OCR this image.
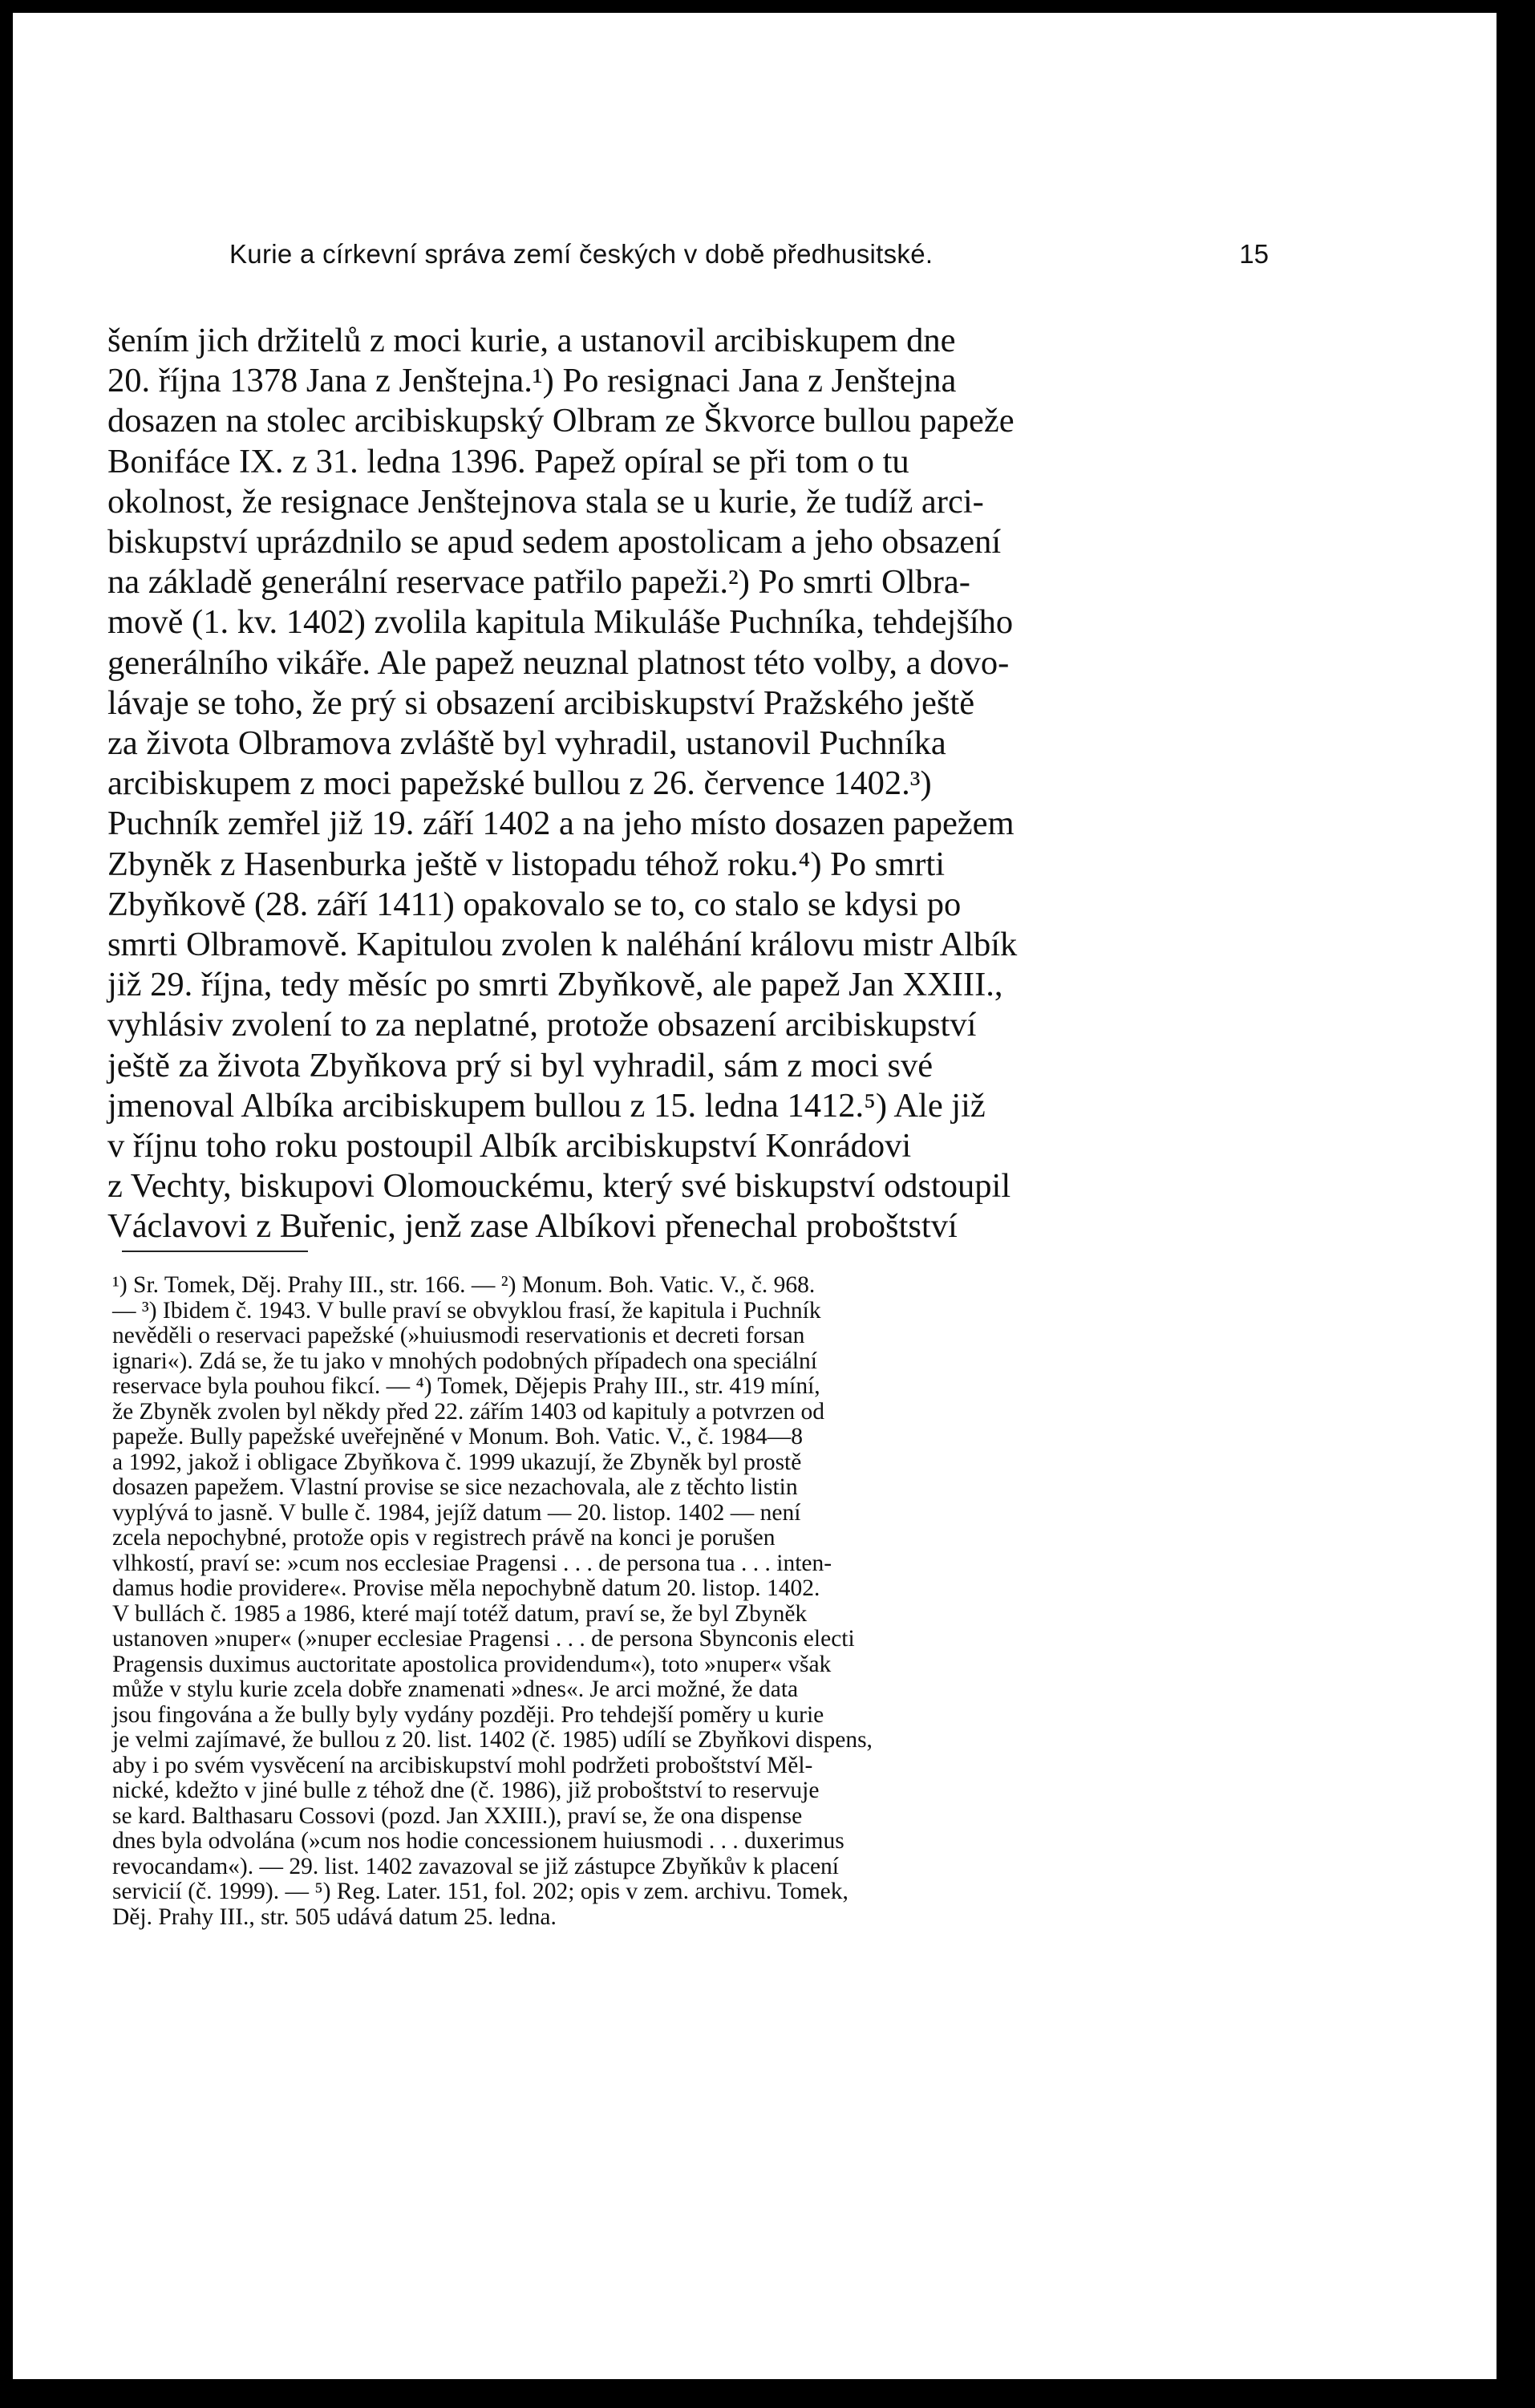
Kurie a církevní správa zemí českých v době předhusitské.	15
šením jich držitelů z moci kurie, a ustanovil arcibiskupem dne
20. října 1378 Jana z Jenštejna.¹) Po resignaci Jana z Jenštejna
dosazen na stolec arcibiskupský Olbram ze Škvorce bullou papeže
Bonifáce IX. z 31. ledna 1396. Papež opíral se při tom o tu
okolnost, že resignace Jenštejnova stala se u kurie, že tudíž arci-
biskupství uprázdnilo se apud sedem apostolicam a jeho obsazení
na základě generální reservace patřilo papeži.²) Po smrti Olbra-
mově (1. kv. 1402) zvolila kapitula Mikuláše Puchníka, tehdejšího
generálního vikáře. Ale papež neuznal platnost této volby, a dovo-
lávaje se toho, že prý si obsazení arcibiskupství Pražského ještě
za života Olbramova zvláště byl vyhradil, ustanovil Puchníka
arcibiskupem z moci papežské bullou z 26. července 1402.³)
Puchník zemřel již 19. září 1402 a na jeho místo dosazen papežem
Zbyněk z Hasenburka ještě v listopadu téhož roku.⁴) Po smrti
Zbyňkově (28. září 1411) opakovalo se to, co stalo se kdysi po
smrti Olbramově. Kapitulou zvolen k naléhání královu mistr Albík
již 29. října, tedy měsíc po smrti Zbyňkově, ale papež Jan XXIII.,
vyhlásiv zvolení to za neplatné, protože obsazení arcibiskupství
ještě za života Zbyňkova prý si byl vyhradil, sám z moci své
jmenoval Albíka arcibiskupem bullou z 15. ledna 1412.⁵) Ale již
v říjnu toho roku postoupil Albík arcibiskupství Konrádovi
z Vechty, biskupovi Olomouckému, který své biskupství odstoupil
Václavovi z Buřenic, jenž zase Albíkovi přenechal proboštství
¹) Sr. Tomek, Děj. Prahy III., str. 166. — ²) Monum. Boh. Vatic. V., č. 968.
— ³) Ibidem č. 1943. V bulle praví se obvyklou frasí, že kapitula i Puchník
nevěděli o reservaci papežské (»huiusmodi reservationis et decreti forsan
ignari«). Zdá se, že tu jako v mnohých podobných případech ona speciální
reservace byla pouhou fikcí. — ⁴) Tomek, Dějepis Prahy III., str. 419 míní,
že Zbyněk zvolen byl někdy před 22. zářím 1403 od kapituly a potvrzen od
papeže. Bully papežské uveřejněné v Monum. Boh. Vatic. V., č. 1984—8
a 1992, jakož i obligace Zbyňkova č. 1999 ukazují, že Zbyněk byl prostě
dosazen papežem. Vlastní provise se sice nezachovala, ale z těchto listin
vyplývá to jasně. V bulle č. 1984, jejíž datum — 20. listop. 1402 — není
zcela nepochybné, protože opis v registrech právě na konci je porušen
vlhkostí, praví se: »cum nos ecclesiae Pragensi . . . de persona tua . . . inten-
damus hodie providere«. Provise měla nepochybně datum 20. listop. 1402.
V bullách č. 1985 a 1986, které mají totéž datum, praví se, že byl Zbyněk
ustanoven »nuper« (»nuper ecclesiae Pragensi . . . de persona Sbynconis electi
Pragensis duximus auctoritate apostolica providendum«), toto »nuper« však
může v stylu kurie zcela dobře znamenati »dnes«. Je arci možné, že data
jsou fingována a že bully byly vydány později. Pro tehdejší poměry u kurie
je velmi zajímavé, že bullou z 20. list. 1402 (č. 1985) udílí se Zbyňkovi dispens,
aby i po svém vysvěcení na arcibiskupství mohl podržeti proboštství Měl-
nické, kdežto v jiné bulle z téhož dne (č. 1986), již proboštství to reservuje
se kard. Balthasaru Cossovi (pozd. Jan XXIII.), praví se, že ona dispense
dnes byla odvolána (»cum nos hodie concessionem huiusmodi . . . duxerimus
revocandam«). — 29. list. 1402 zavazoval se již zástupce Zbyňkův k placení
servicií (č. 1999). — ⁵) Reg. Later. 151, fol. 202; opis v zem. archivu. Tomek,
Děj. Prahy III., str. 505 udává datum 25. ledna.
